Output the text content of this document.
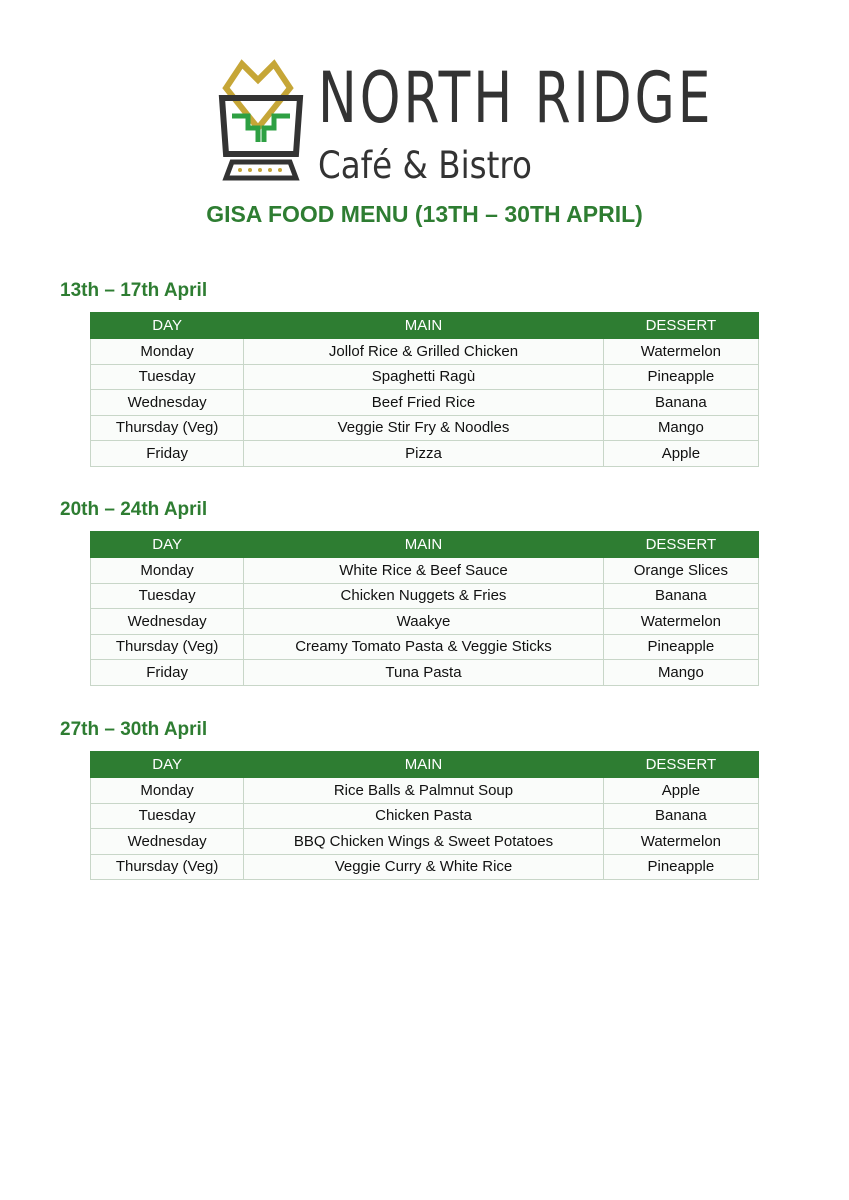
NORTH RIDGE
Café & Bistro
GISA FOOD MENU (13TH – 30TH APRIL)
13th – 17th April
DAY	MAIN	DESSERT
Monday	Jollof Rice & Grilled Chicken	Watermelon
Tuesday	Spaghetti Ragù	Pineapple
Wednesday	Beef Fried Rice	Banana
Thursday (Veg)	Veggie Stir Fry & Noodles	Mango
Friday	Pizza	Apple
20th – 24th April
DAY	MAIN	DESSERT
Monday	White Rice & Beef Sauce	Orange Slices
Tuesday	Chicken Nuggets & Fries	Banana
Wednesday	Waakye	Watermelon
Thursday (Veg)	Creamy Tomato Pasta & Veggie Sticks	Pineapple
Friday	Tuna Pasta	Mango
27th – 30th April
DAY	MAIN	DESSERT
Monday	Rice Balls & Palmnut Soup	Apple
Tuesday	Chicken Pasta	Banana
Wednesday	BBQ Chicken Wings & Sweet Potatoes	Watermelon
Thursday (Veg)	Veggie Curry & White Rice	Pineapple
